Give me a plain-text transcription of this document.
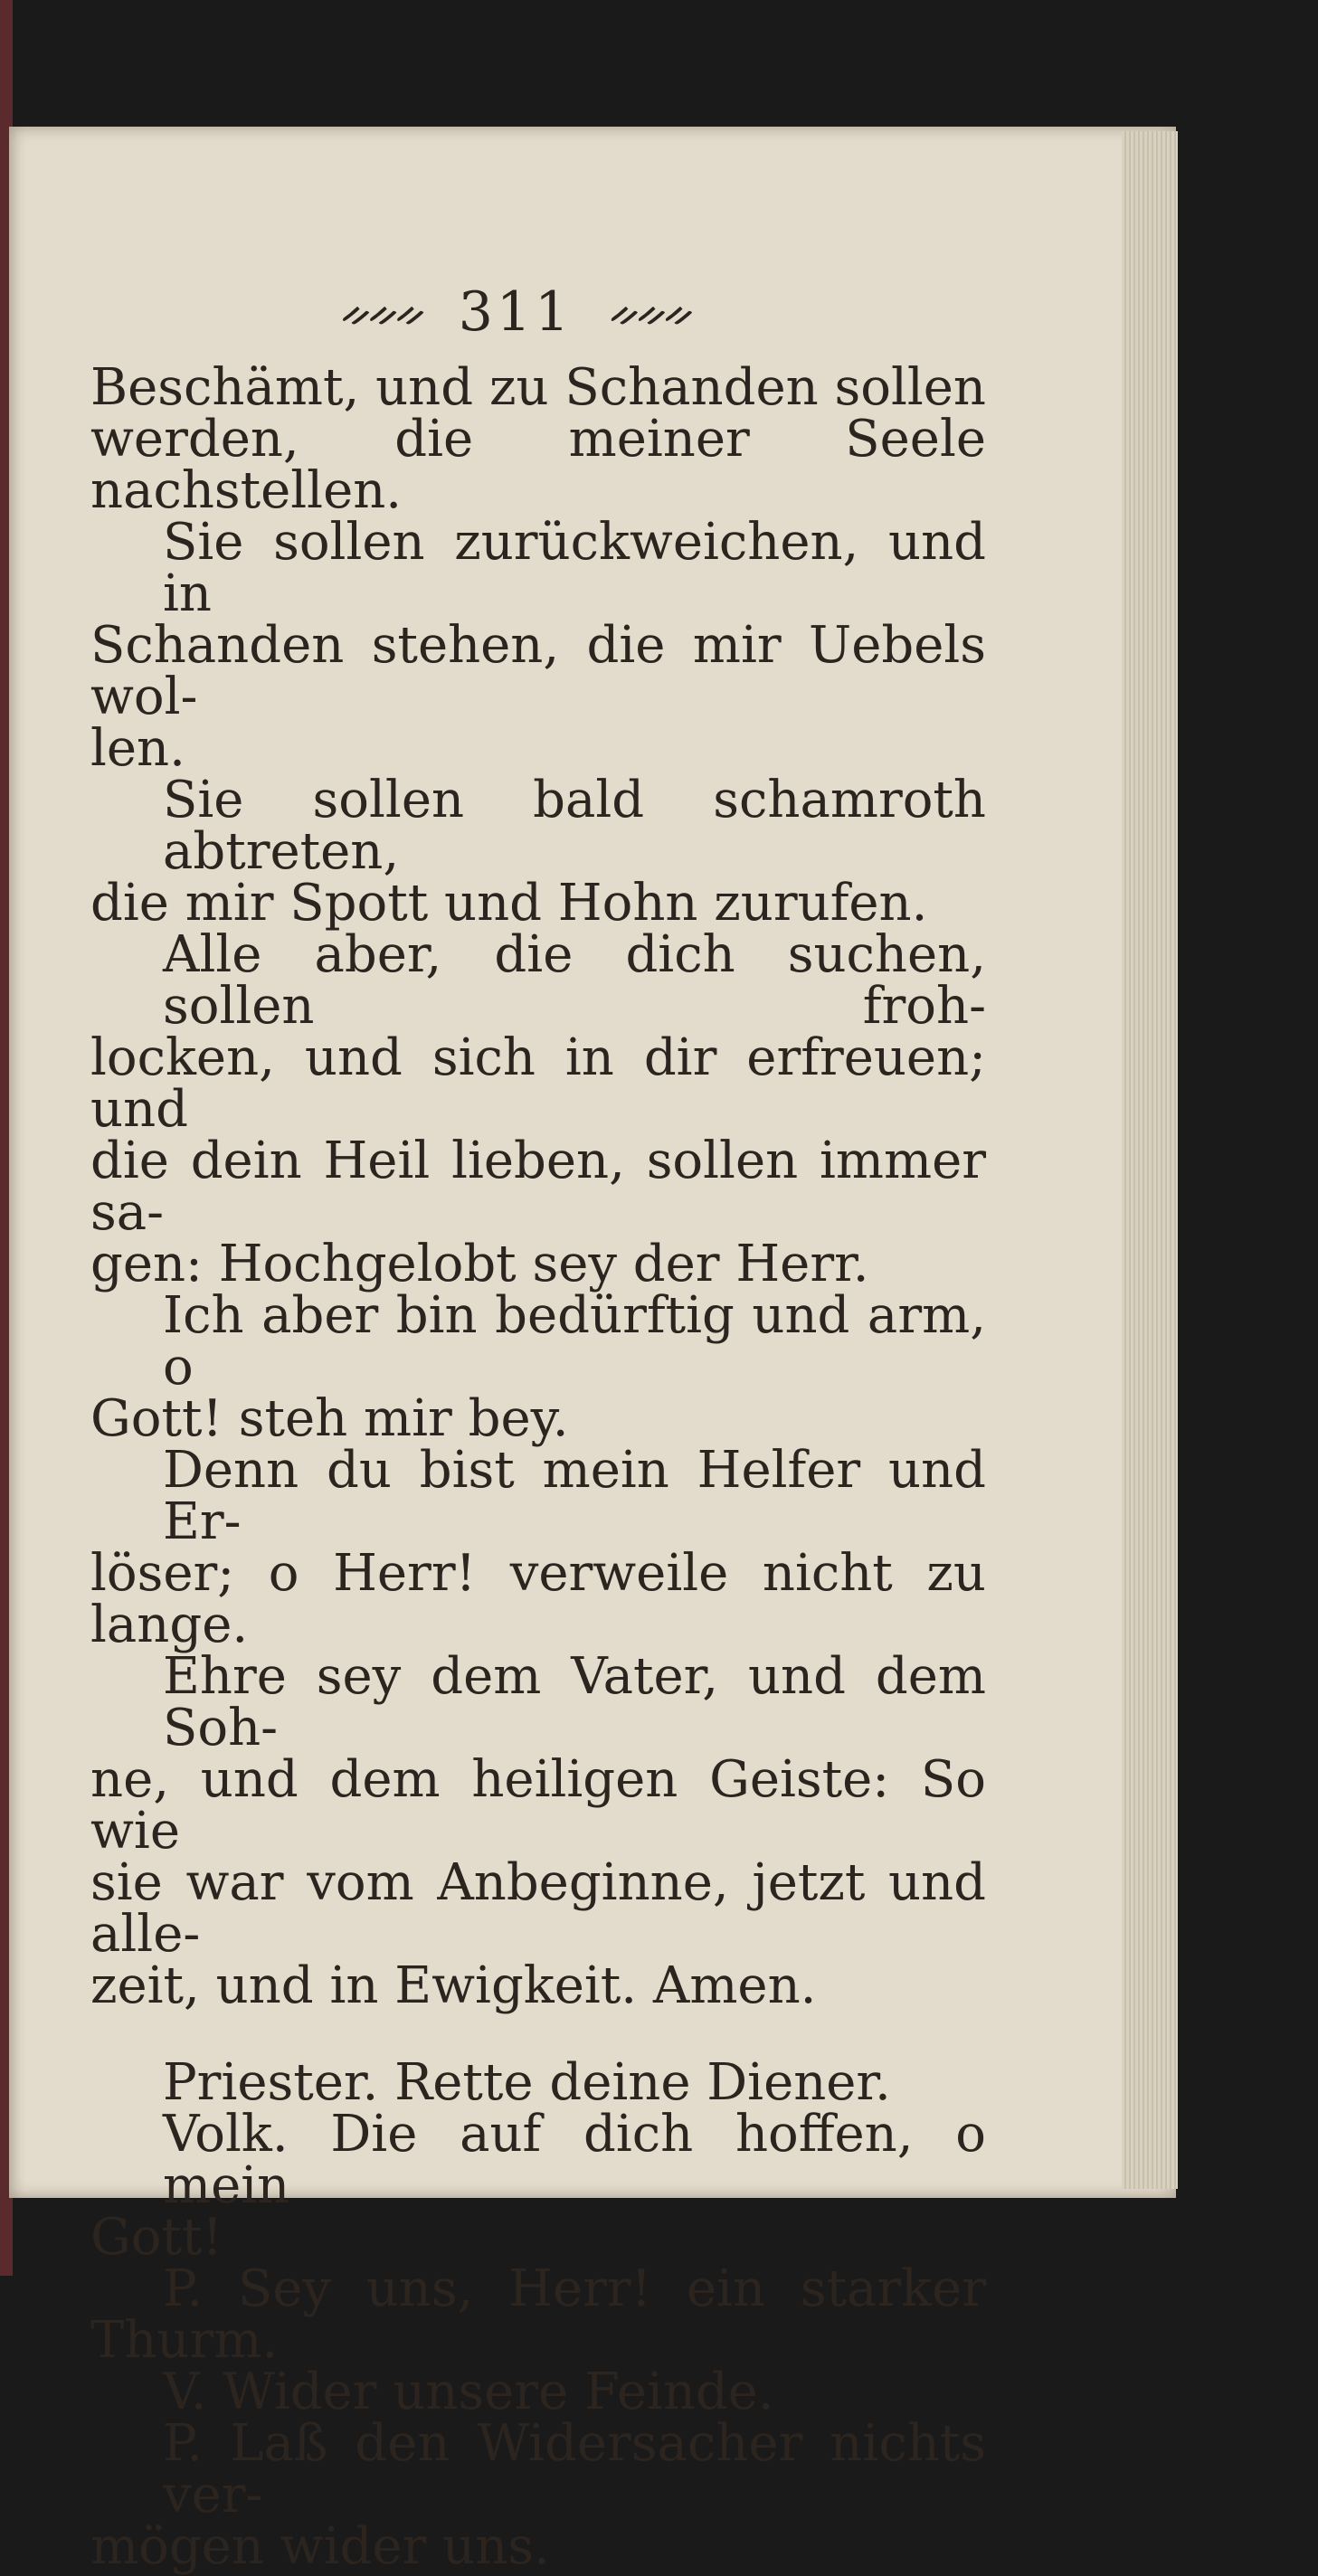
ᨀᨀᨀ 311 ᨀᨀᨀ
Beschämt, und zu Schanden sollen
werden, die meiner Seele nachstellen.
Sie sollen zurückweichen, und in
Schanden stehen, die mir Uebels wol-
len.
Sie sollen bald schamroth abtreten,
die mir Spott und Hohn zurufen.
Alle aber, die dich suchen, sollen froh-
locken, und sich in dir erfreuen; und
die dein Heil lieben, sollen immer sa-
gen: Hochgelobt sey der Herr.
Ich aber bin bedürftig und arm, o
Gott! steh mir bey.
Denn du bist mein Helfer und Er-
löser; o Herr! verweile nicht zu lange.
Ehre sey dem Vater, und dem Soh-
ne, und dem heiligen Geiste: So wie
sie war vom Anbeginne, jetzt und alle-
zeit, und in Ewigkeit. Amen.
Priester. Rette deine Diener.
Volk. Die auf dich hoffen, o mein
Gott!
P. Sey uns, Herr! ein starker
Thurm.
V. Wider unsere Feinde.
P. Laß den Widersacher nichts ver-
mögen wider uns.
